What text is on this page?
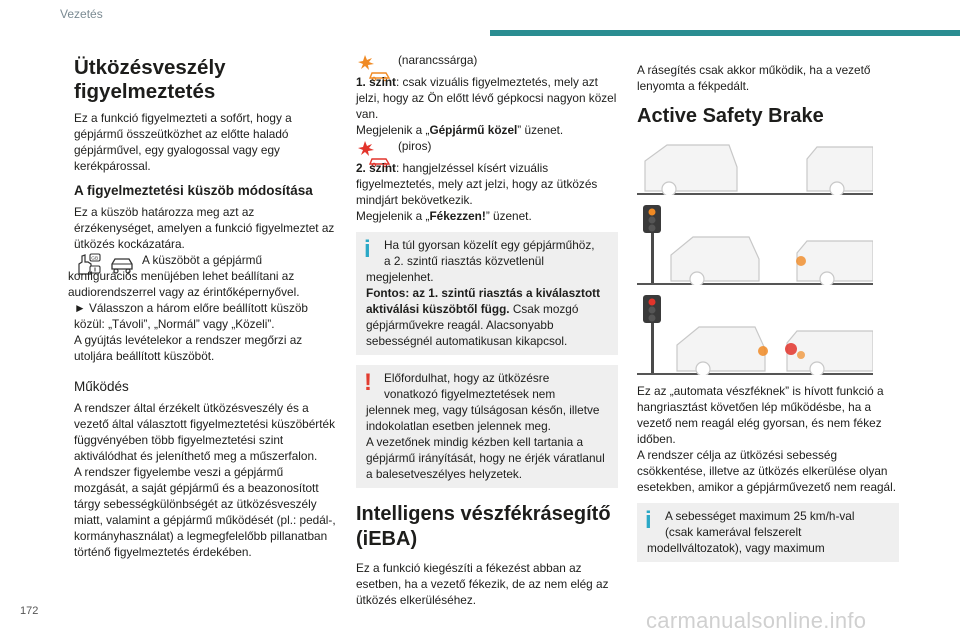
Vezetés
Ütközésveszély figyelmeztetés

Ez a funkció figyelmezteti a sofőrt, hogy a gépjármű összeütközhet az előtte haladó gépjárművel, egy gyalogossal vagy egy kerékpárossal.

A figyelmeztetési küszöb módosítása

Ez a küszöb határozza meg azt az érzékenységet, amelyen a funkció figyelmeztet az ütközés kockázatára.

GB	A küszöböt a gépjármű

konfigurációs menüjében lehet beállítani az audiorendszerrel vagy az érintőképernyővel.

► Válasszon a három előre beállított küszöb közül: „Távoli”, „Normál” vagy „Közeli”.

A gyújtás levételekor a rendszer megőrzi az utoljára beállított küszöböt.

Működés

A rendszer által érzékelt ütközésveszély és a vezető által választott figyelmeztetési küszöbérték függvényében több figyelmeztetési szint aktiválódhat és jeleníthető meg a műszerfalon.

A rendszer figyelembe veszi a gépjármű mozgását, a saját gépjármű és a beazonosított tárgy sebességkülönbségét az ütközésveszély miatt, valamint a gépjármű működését (pl.: pedál-, kormányhasználat) a legmegfelelőbb pillanatban történő figyelmeztetés érdekében.

(narancssárga)

1. szint: csak vizuális figyelmeztetés, mely azt jelzi, hogy az Ön előtt lévő gépkocsi nagyon közel van.

Megjelenik a „Gépjármű közel” üzenet.

(piros)

2. szint: hangjelzéssel kísért vizuális figyelmeztetés, mely azt jelzi, hogy az ütközés mindjárt bekövetkezik.

Megjelenik a „Fékezzen!” üzenet.

i	Ha túl gyorsan közelít egy gépjárműhöz,

a 2. szintű riasztás közvetlenül

megjelenhet.

Fontos: az 1. szintű riasztás a kiválasztott aktiválási küszöbtől függ. Csak mozgó gépjárművekre reagál. Alacsonyabb sebességnél automatikusan kikapcsol.

!	Előfordulhat, hogy az ütközésre

vonatkozó figyelmeztetések nem

jelennek meg, vagy túlságosan későn, illetve indokolatlan esetben jelennek meg.

A vezetőnek mindig kézben kell tartania a gépjármű irányítását, hogy ne érjék váratlanul a balesetveszélyes helyzetek.

Intelligens vészfékrásegítő (iEBA)

Ez a funkció kiegészíti a fékezést abban az esetben, ha a vezető fékezik, de az nem elég az ütközés elkerüléséhez.

A rásegítés csak akkor működik, ha a vezető lenyomta a fékpedált.

Active Safety Brake

Ez az „automata vészféknek” is hívott funkció a hangriasztást követően lép működésbe, ha a vezető nem reagál elég gyorsan, és nem fékez időben.

A rendszer célja az ütközési sebesség csökkentése, illetve az ütközés elkerülése olyan esetekben, amikor a gépjárművezető nem reagál.

i	A sebességet maximum 25 km/h-val

(csak kamerával felszerelt

modellváltozatok), vagy maximum

172	carmanualsonline.info
